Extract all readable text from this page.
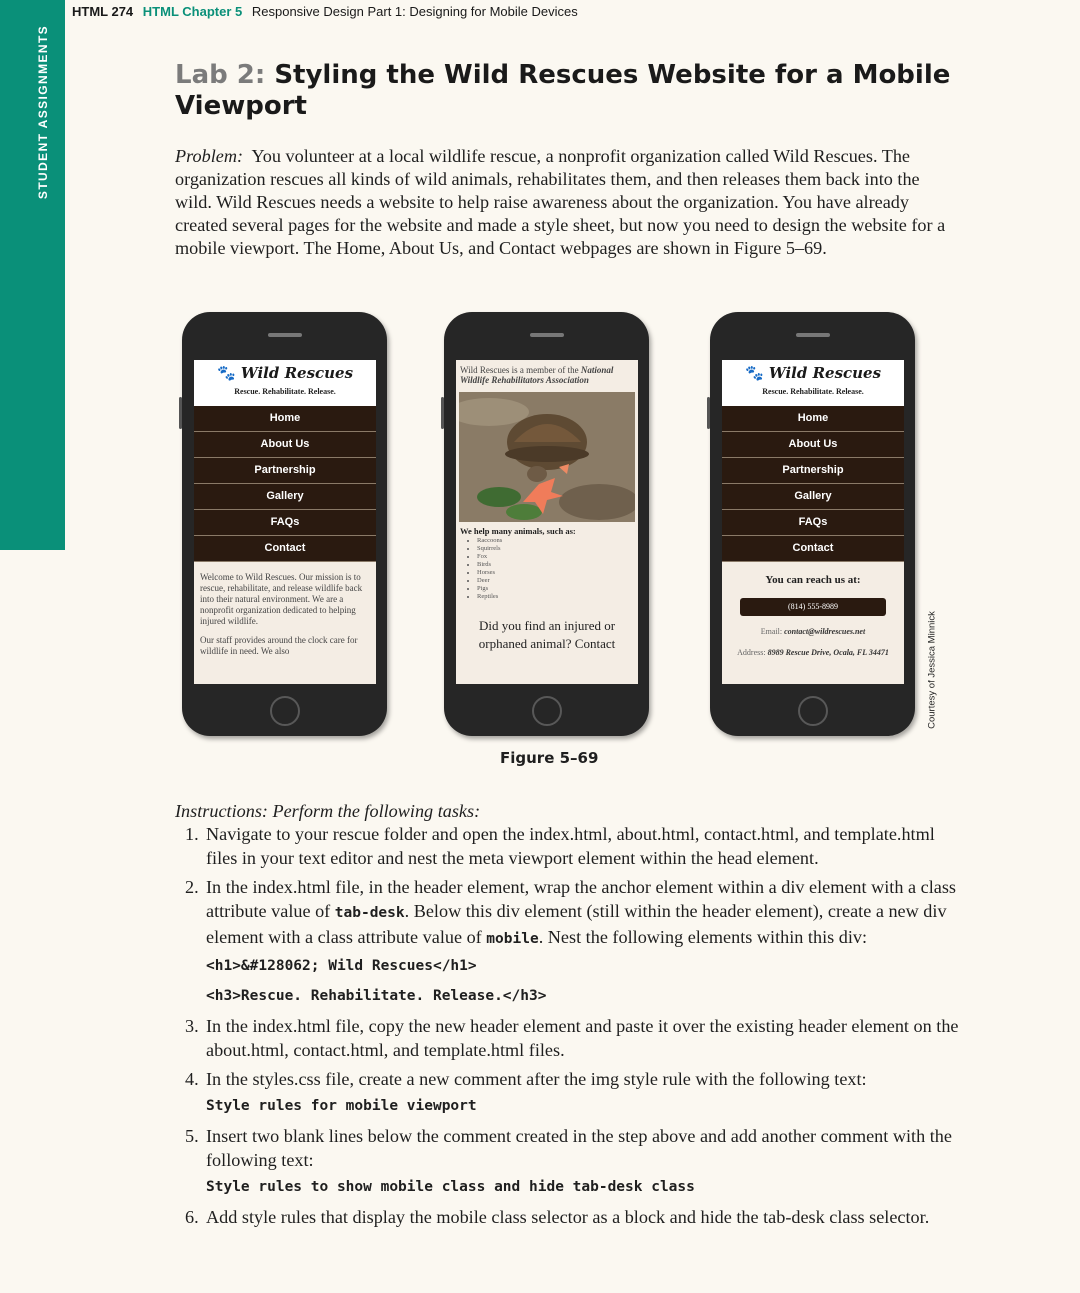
STUDENT ASSIGNMENTS
HTML 274 HTML Chapter 5 Responsive Design Part 1: Designing for Mobile Devices
Lab 2: Styling the Wild Rescues Website for a Mobile Viewport

Problem: You volunteer at a local wildlife rescue, a nonprofit organization called Wild Rescues. The organization rescues all kinds of wild animals, rehabilitates them, and then releases them back into the wild. Wild Rescues needs a website to help raise awareness about the organization. You have already created several pages for the website and made a style sheet, but now you need to design the website for a mobile viewport. The Home, About Us, and Contact webpages are shown in Figure 5–69.

🐾 Wild Rescues
Rescue. Rehabilitate. Release.
Home
About Us
Partnership
Gallery
FAQs
Contact

Welcome to Wild Rescues. Our mission is to rescue, rehabilitate, and release wildlife back into their natural environment. We are a nonprofit organization dedicated to helping injured wildlife.

Our staff provides around the clock care for wildlife in need. We also

Wild Rescues is a member of the National Wildlife Rehabilitators Association
We help many animals, such as:
• Raccoons
• Squirrels
• Fox
• Birds
• Horses
• Deer
• Pigs
• Reptiles
Did you find an injured or orphaned animal? Contact
🐾 Wild Rescues
Rescue. Rehabilitate. Release.
Home
About Us
Partnership
Gallery
FAQs
Contact
You can reach us at:
(814) 555-8989
Email: contact@wildrescues.net
Address: 8989 Rescue Drive, Ocala, FL 34471	Courtesy of Jessica Minnick
Figure 5–69

Instructions: Perform the following tasks:

1. Navigate to your rescue folder and open the index.html, about.html, contact.html, and template.html files in your text editor and nest the meta viewport element within the head element.
2. In the index.html file, in the header element, wrap the anchor element within a div element with a class attribute value of tab-desk. Below this div element (still within the header element), create a new div element with a class attribute value of mobile. Nest the following elements within this div:
<h1>&#128062; Wild Rescues</h1>
<h3>Rescue. Rehabilitate. Release.</h3>
3. In the index.html file, copy the new header element and paste it over the existing header element on the about.html, contact.html, and template.html files.
4. In the styles.css file, create a new comment after the img style rule with the following text:
Style rules for mobile viewport
5. Insert two blank lines below the comment created in the step above and add another comment with the following text:
Style rules to show mobile class and hide tab-desk class
6. Add style rules that display the mobile class selector as a block and hide the tab-desk class selector.
